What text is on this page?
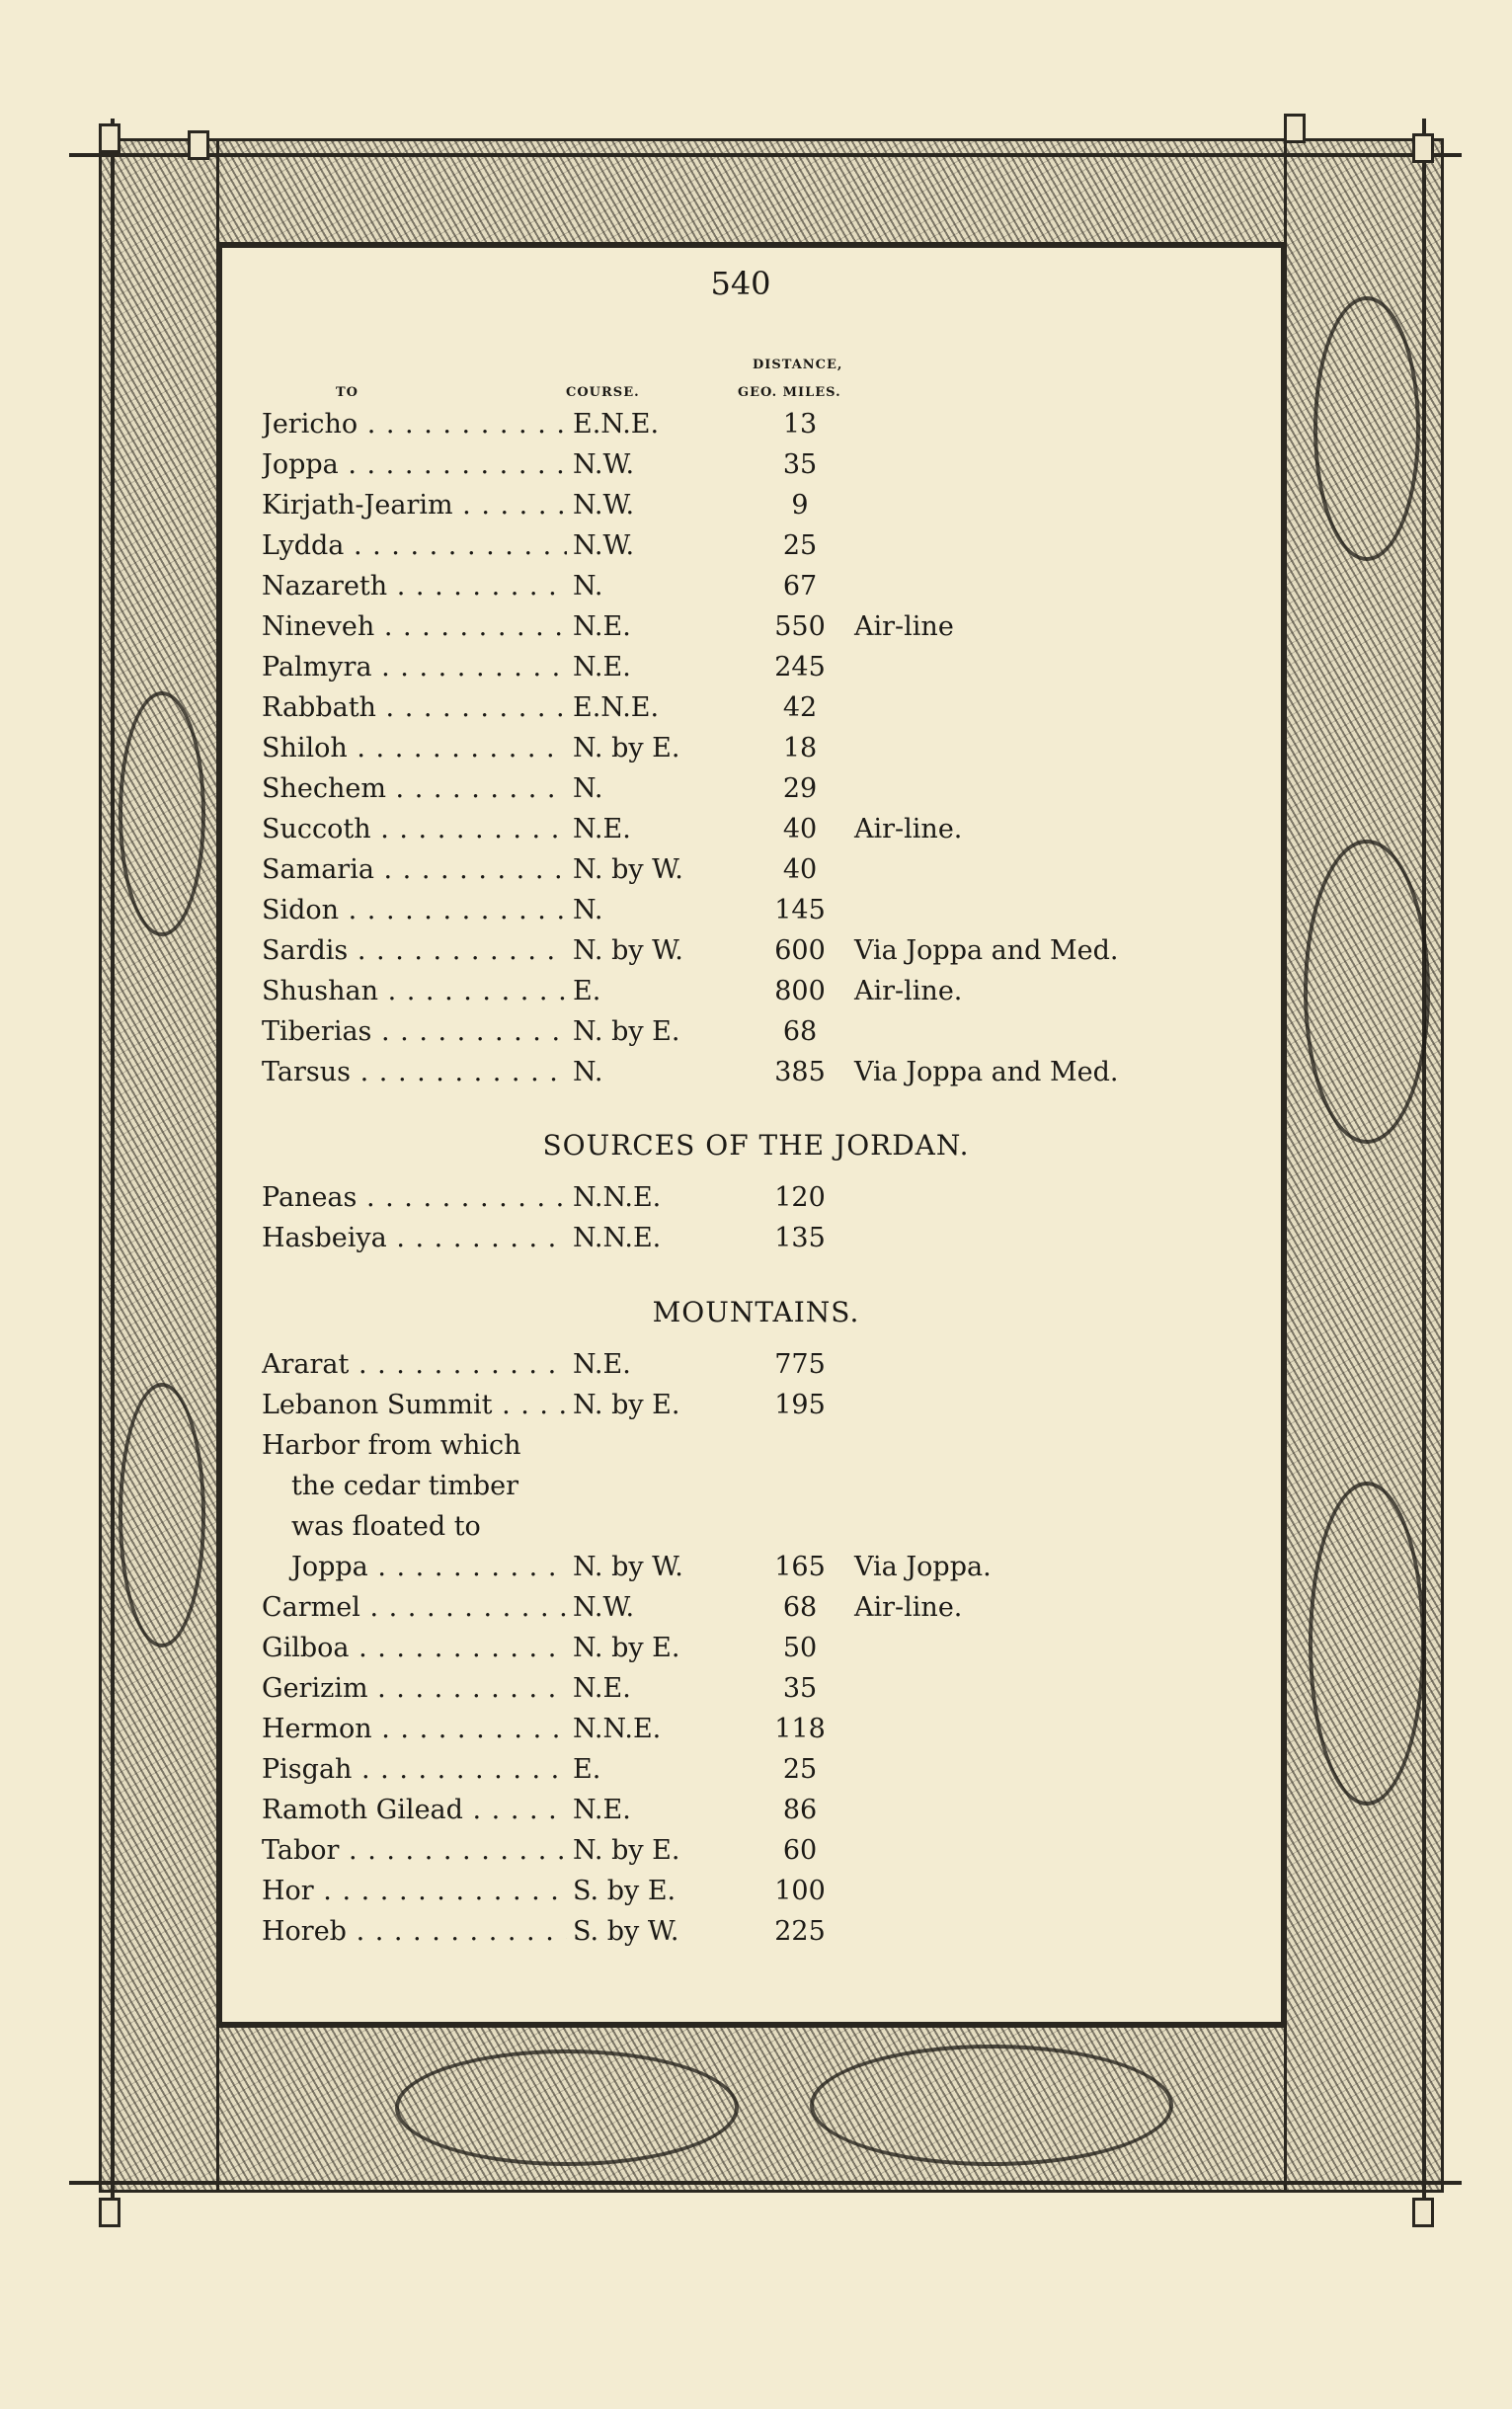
540
TO	COURSE.
DISTANCE,
GEO. MILES.
Jericho . . .	E.N.E.	13
Joppa . . .	N.W.	35
Kirjath-Jearim . . .	N.W.	9
Lydda . . .	N.W.	25
Nazareth . . .	N.	67
Nineveh . . .	N.E.	550	Air-line
Palmyra . . .	N.E.	245
Rabbath . . .	E.N.E.	42
Shiloh . . .	N. by E.	18
Shechem . . .	N.	29
Succoth . . .	N.E.	40	Air-line.
Samaria . . .	N. by W.	40
Sidon . . .	N.	145
Sardis . . .	N. by W.	600	Via Joppa and Med.
Shushan . . .	E.	800	Air-line.
Tiberias . . .	N. by E.	68
Tarsus . . .	N.	385	Via Joppa and Med.
SOURCES OF THE JORDAN.
Paneas . . .	N.N.E.	120
Hasbeiya . . .	N.N.E.	135
MOUNTAINS.
Ararat . . .	N.E.	775
Lebanon Summit . . .	N. by E.	195
Harbor from which
the cedar timber
was floated to
Joppa . . .	N. by W.	165	Via Joppa.
Carmel . . .	N.W.	68	Air-line.
Gilboa . . .	N. by E.	50
Gerizim . . .	N.E.	35
Hermon . . .	N.N.E.	118
Pisgah . . .	E.	25
Ramoth Gilead . . .	N.E.	86
Tabor . . .	N. by E.	60
Hor . . .	S. by E.	100
Horeb . . .	S. by W.	225
